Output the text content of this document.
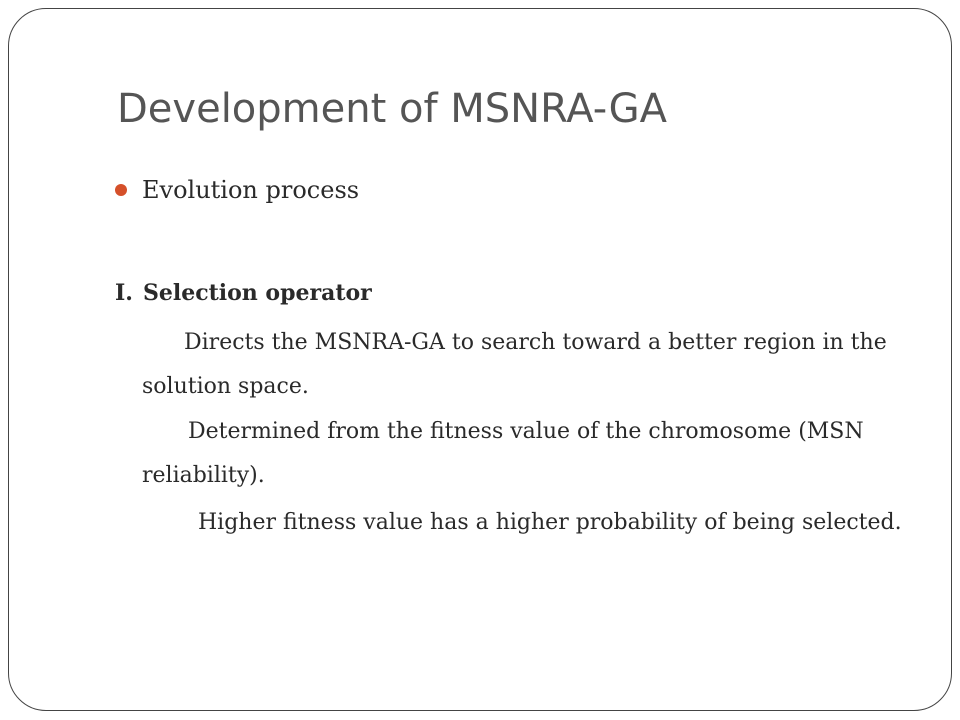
Development of MSNRA-GA
Evolution process
I. Selection operator

Directs the MSNRA-GA to search toward a better region in the solution space.

Determined from the fitness value of the chromosome (MSN reliability).

Higher fitness value has a higher probability of being selected.
